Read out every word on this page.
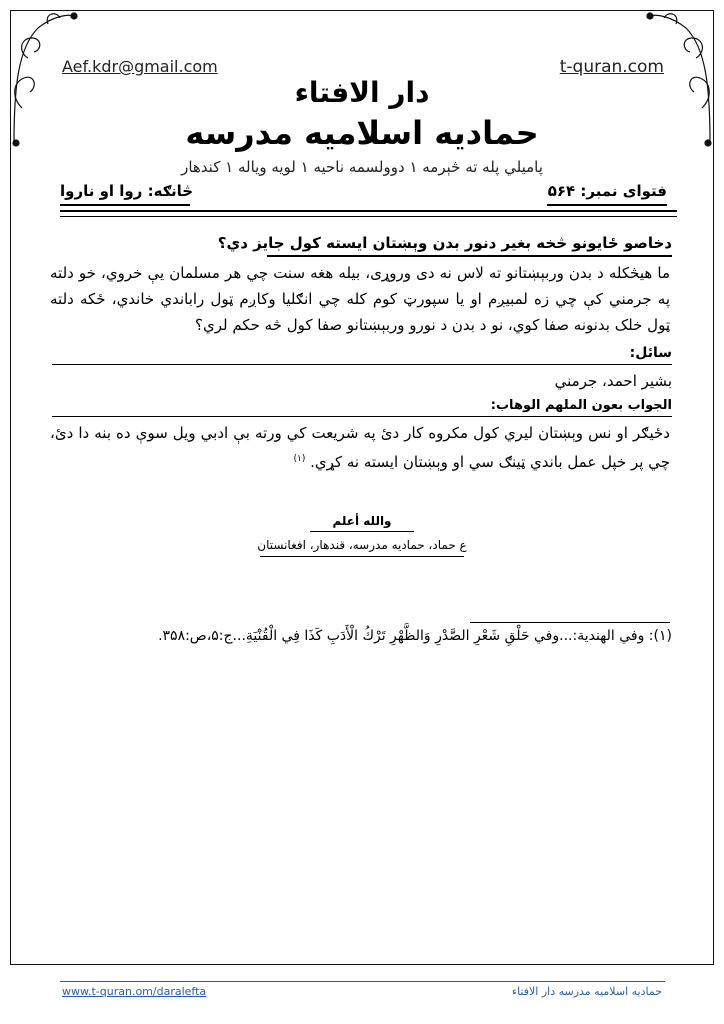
Aef.kdr@gmail.com	t-quran.com
دار الافتاء
حمادیه اسلامیه مدرسه
پامیلي پله ته څېرمه ۱ دوولسمه ناحیه ۱ لویه ویاله ۱ کندهار
فتوای نمبر: ۵۶۴
څانګه: روا او ناروا
دخاصو ځایونو څخه بغیر دنور بدن وېښتان ایسته کول جایز دي؟
ما هیڅکله د بدن وربېښتانو ته لاس نه دی وروړی، بیله هغه سنت چي هر مسلمان یې خروي، خو دلته په جرمني کې چي زه لمبیږم او یا سپورټ کوم کله چي انګلیا وکاږم ټول راباندي خاندي، ځکه دلته ټول خلک بدنونه صفا کوي، نو د بدن د نورو وربېښتانو صفا کول څه حکم لري؟
سائل:
بشیر احمد، جرمني
الجواب بعون الملهم الوهاب:
دځیګر او نس وېښتان لیري کول مکروه کار دئ په شریعت کي ورته بې ادبي ویل سوې ده بنه دا دئ، چي پر خپل عمل باندي ټینګ سي او وېښتان ایسته نه کړي. $^{(۱)}$
والله أعلم
ع حماد، حمادیه مدرسه، قندهار، افغانستان
(۱): وفي الهندية:...وفي حَلْقِ شَعْرِ الصَّدْرِ وَالظَّهْرِ تَرْكُ الْأَدَبِ كَذَا فِي الْقُنْيَةِ...ج:۵،ص:۳۵۸.
www.t-quran.om/daralefta	حمادیه اسلامیه مدرسه دار الافتاء
